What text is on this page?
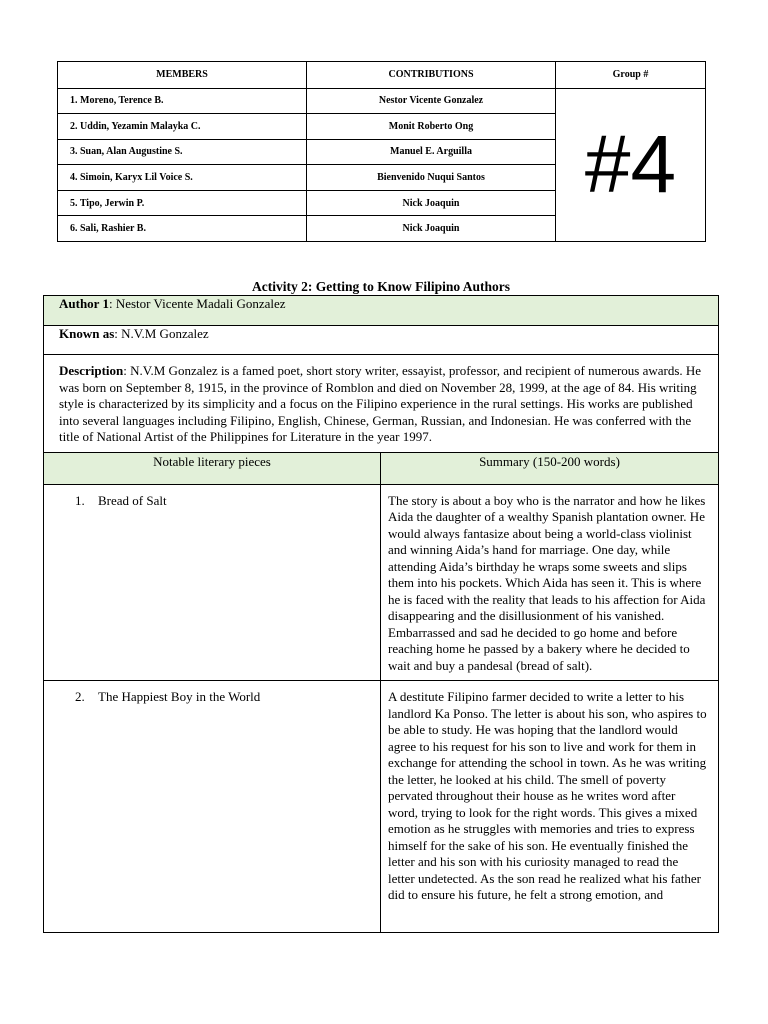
MEMBERS	CONTRIBUTIONS	Group #
1. Moreno, Terence B.	Nestor Vicente Gonzalez	#4
2. Uddin, Yezamin Malayka C.	Monit Roberto Ong	
3. Suan, Alan Augustine S.	Manuel E. Arguilla	
4. Simoin, Karyx Lil Voice S.	Bienvenido Nuqui Santos	
5. Tipo, Jerwin P.	Nick Joaquin	
6. Sali, Rashier B.	Nick Joaquin	
Activity 2: Getting to Know Filipino Authors
Author 1: Nestor Vicente Madali Gonzalez	
Known as: N.V.M Gonzalez	
Description: N.V.M Gonzalez is a famed poet, short story writer, essayist, professor, and recipient of numerous awards. He was born on September 8, 1915, in the province of Romblon and died on November 28, 1999, at the age of 84. His writing style is characterized by its simplicity and a focus on the Filipino experience in the rural settings. His works are published into several languages including Filipino, English, Chinese, German, Russian, and Indonesian. He was conferred with the title of National Artist of the Philippines for Literature in the year 1997.	
Notable literary pieces	Summary (150-200 words)
1. Bread of Salt	The story is about a boy who is the narrator and how he likes Aida the daughter of a wealthy Spanish plantation owner. He would always fantasize about being a world-class violinist and winning Aida’s hand for marriage. One day, while attending Aida’s birthday he wraps some sweets and slips them into his pockets. Which Aida has seen it. This is where he is faced with the reality that leads to his affection for Aida disappearing and the disillusionment of his vanished. Embarrassed and sad he decided to go home and before reaching home he passed by a bakery where he decided to wait and buy a pandesal (bread of salt).
2. The Happiest Boy in the World	A destitute Filipino farmer decided to write a letter to his landlord Ka Ponso. The letter is about his son, who aspires to be able to study. He was hoping that the landlord would agree to his request for his son to live and work for them in exchange for attending the school in town. As he was writing the letter, he looked at his child. The smell of poverty pervated throughout their house as he writes word after word, trying to look for the right words. This gives a mixed emotion as he struggles with memories and tries to express himself for the sake of his son. He eventually finished the letter and his son with his curiosity managed to read the letter undetected. As the son read he realized what his father did to ensure his future, he felt a strong emotion, and
